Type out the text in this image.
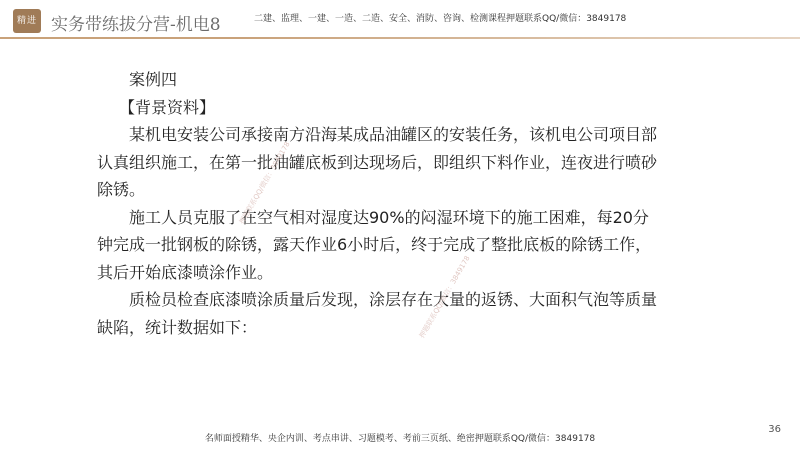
精进 实务带练拔分营-机电8	二建、监理、一建、一造、二造、安全、消防、咨询、检测课程押题联系QQ/微信：3849178

案例四

【背景资料】

某机电安装公司承接南方沿海某成品油罐区的安装任务，该机电公司项目部认真组织施工，在第一批油罐底板到达现场后，即组织下料作业，连夜进行喷砂除锈。

施工人员克服了在空气相对湿度达90%的闷湿环境下的施工困难，每20分钟完成一批钢板的除锈，露天作业6小时后，终于完成了整批底板的除锈工作，其后开始底漆喷涂作业。

质检员检查底漆喷涂质量后发现，涂层存在大量的返锈、大面积气泡等质量缺陷，统计数据如下：

押题联系QQ/微信：3849178
押题联系QQ/微信：3849178
36
名师面授精华、央企内训、考点串讲、习题模考、考前三页纸、绝密押题联系QQ/微信：3849178
